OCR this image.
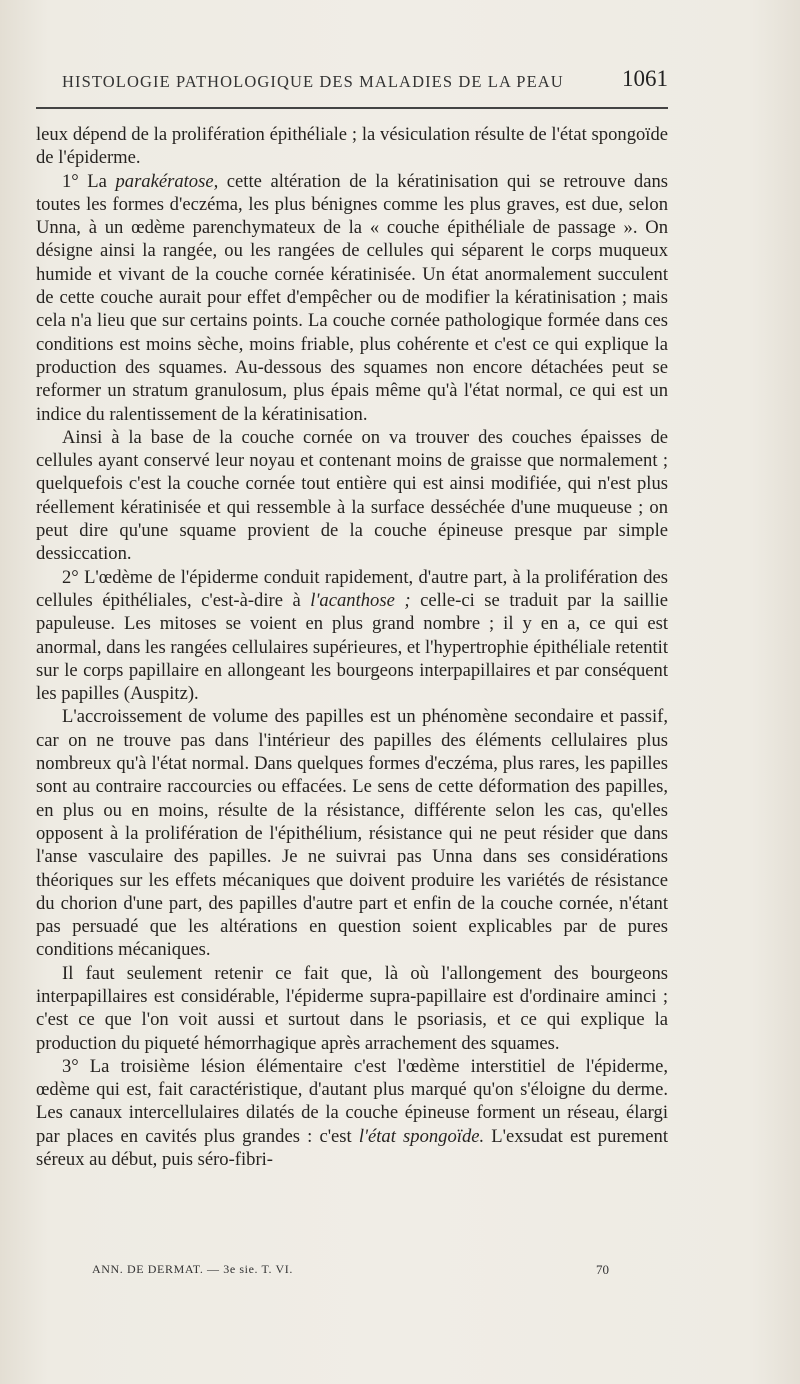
HISTOLOGIE PATHOLOGIQUE DES MALADIES DE LA PEAU	1061

leux dépend de la prolifération épithéliale ; la vésiculation résulte de l'état spongoïde de l'épiderme.

1° La parakératose, cette altération de la kératinisation qui se retrouve dans toutes les formes d'eczéma, les plus bénignes comme les plus graves, est due, selon Unna, à un œdème parenchymateux de la « couche épithéliale de passage ». On désigne ainsi la rangée, ou les rangées de cellules qui séparent le corps muqueux humide et vivant de la couche cornée kératinisée. Un état anormalement succulent de cette couche aurait pour effet d'empêcher ou de modifier la kératinisation ; mais cela n'a lieu que sur certains points. La couche cornée pathologique formée dans ces conditions est moins sèche, moins friable, plus cohérente et c'est ce qui explique la production des squames. Au-dessous des squames non encore détachées peut se reformer un stratum granulosum, plus épais même qu'à l'état normal, ce qui est un indice du ralentissement de la kératinisation.

Ainsi à la base de la couche cornée on va trouver des couches épaisses de cellules ayant conservé leur noyau et contenant moins de graisse que normalement ; quelquefois c'est la couche cornée tout entière qui est ainsi modifiée, qui n'est plus réellement kératinisée et qui ressemble à la surface desséchée d'une muqueuse ; on peut dire qu'une squame provient de la couche épineuse presque par simple dessiccation.

2° L'œdème de l'épiderme conduit rapidement, d'autre part, à la prolifération des cellules épithéliales, c'est-à-dire à l'acanthose ; celle-ci se traduit par la saillie papuleuse. Les mitoses se voient en plus grand nombre ; il y en a, ce qui est anormal, dans les rangées cellulaires supérieures, et l'hypertrophie épithéliale retentit sur le corps papillaire en allongeant les bourgeons interpapillaires et par conséquent les papilles (Auspitz).

L'accroissement de volume des papilles est un phénomène secondaire et passif, car on ne trouve pas dans l'intérieur des papilles des éléments cellulaires plus nombreux qu'à l'état normal. Dans quelques formes d'eczéma, plus rares, les papilles sont au contraire raccourcies ou effacées. Le sens de cette déformation des papilles, en plus ou en moins, résulte de la résistance, différente selon les cas, qu'elles opposent à la prolifération de l'épithélium, résistance qui ne peut résider que dans l'anse vasculaire des papilles. Je ne suivrai pas Unna dans ses considérations théoriques sur les effets mécaniques que doivent produire les variétés de résistance du chorion d'une part, des papilles d'autre part et enfin de la couche cornée, n'étant pas persuadé que les altérations en question soient explicables par de pures conditions mécaniques.

Il faut seulement retenir ce fait que, là où l'allongement des bourgeons interpapillaires est considérable, l'épiderme supra-papillaire est d'ordinaire aminci ; c'est ce que l'on voit aussi et surtout dans le psoriasis, et ce qui explique la production du piqueté hémorrhagique après arrachement des squames.

3° La troisième lésion élémentaire c'est l'œdème interstitiel de l'épiderme, œdème qui est, fait caractéristique, d'autant plus marqué qu'on s'éloigne du derme. Les canaux intercellulaires dilatés de la couche épineuse forment un réseau, élargi par places en cavités plus grandes : c'est l'état spongoïde. L'exsudat est purement séreux au début, puis séro-fibri-

ANN. DE DERMAT. — 3e sie. T. VI.	70
